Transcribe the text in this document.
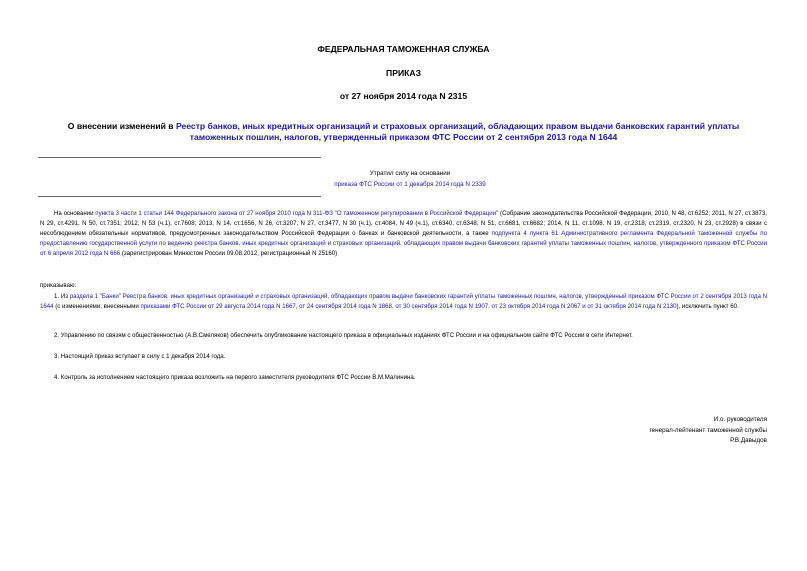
ФЕДЕРАЛЬНАЯ ТАМОЖЕННАЯ СЛУЖБА
ПРИКАЗ
от 27 ноября 2014 года N 2315
О внесении изменений в Реестр банков, иных кредитных организаций и страховых организаций, обладающих правом выдачи банковских гарантий уплаты таможенных пошлин, налогов, утвержденный приказом ФТС России от 2 сентября 2013 года N 1644
Утратил силу на основании
приказа ФТС России от 1 декабря 2014 года N 2339
На основании пункта 3 части 1 статьи 144 Федерального закона от 27 ноября 2010 года N 311-ФЗ "О таможенном регулировании в Российской Федерации" (Собрание законодательства Российской Федерации, 2010, N 48, ст.6252; 2011, N 27, ст.3873, N 29, ст.4291, N 50, ст.7351; 2012, N 53 (ч.1), ст.7608; 2013, N 14, ст.1656, N 26, ст.3207, N 27, ст.3477, N 30 (ч.1), ст.4084, N 49 (ч.1), ст.6340, ст.6348, N 51, ст.6681, ст.6682; 2014, N 11, ст.1098, N 19, ст.2318, ст.2319, ст.2320, N 23, ст.2928) в связи с несоблюдением обязательных нормативов, предусмотренных законодательством Российской Федерации о банках и банковской деятельности, а также подпункта 4 пункта 61 Административного регламента Федеральной таможенной службы по предоставлению государственной услуги по ведению реестра банков, иных кредитных организаций и страховых организаций, обладающих правом выдачи банковских гарантий уплаты таможенных пошлин, налогов, утвержденного приказом ФТС России от 6 апреля 2012 года N 666 (зарегистрирован Минюстом России 09.08.2012, регистрационный N 25160)
приказываю:
1. Из раздела 1 "Банки" Реестра банков, иных кредитных организаций и страховых организаций, обладающих правом выдачи банковских гарантий уплаты таможенных пошлин, налогов, утвержденный приказом ФТС России от 2 сентября 2013 года N 1644 (с изменениями, внесенными приказами ФТС России от 29 августа 2014 года N 1667, от 24 сентября 2014 года N 1868, от 30 сентября 2014 года N 1907, от 23 октября 2014 года N 2067 и от 31 октября 2014 года N 2130), исключить пункт 60.
2. Управлению по связям с общественностью (А.В.Смеляков) обеспечить опубликование настоящего приказа в официальных изданиях ФТС России и на официальном сайте ФТС России в сети Интернет.
3. Настоящий приказ вступает в силу с 1 декабря 2014 года.
4. Контроль за исполнением настоящего приказа возложить на первого заместителя руководителя ФТС России В.М.Малинина.
И.о. руководителя
генерал-лейтенант таможенной службы
Р.В.Давыдов
